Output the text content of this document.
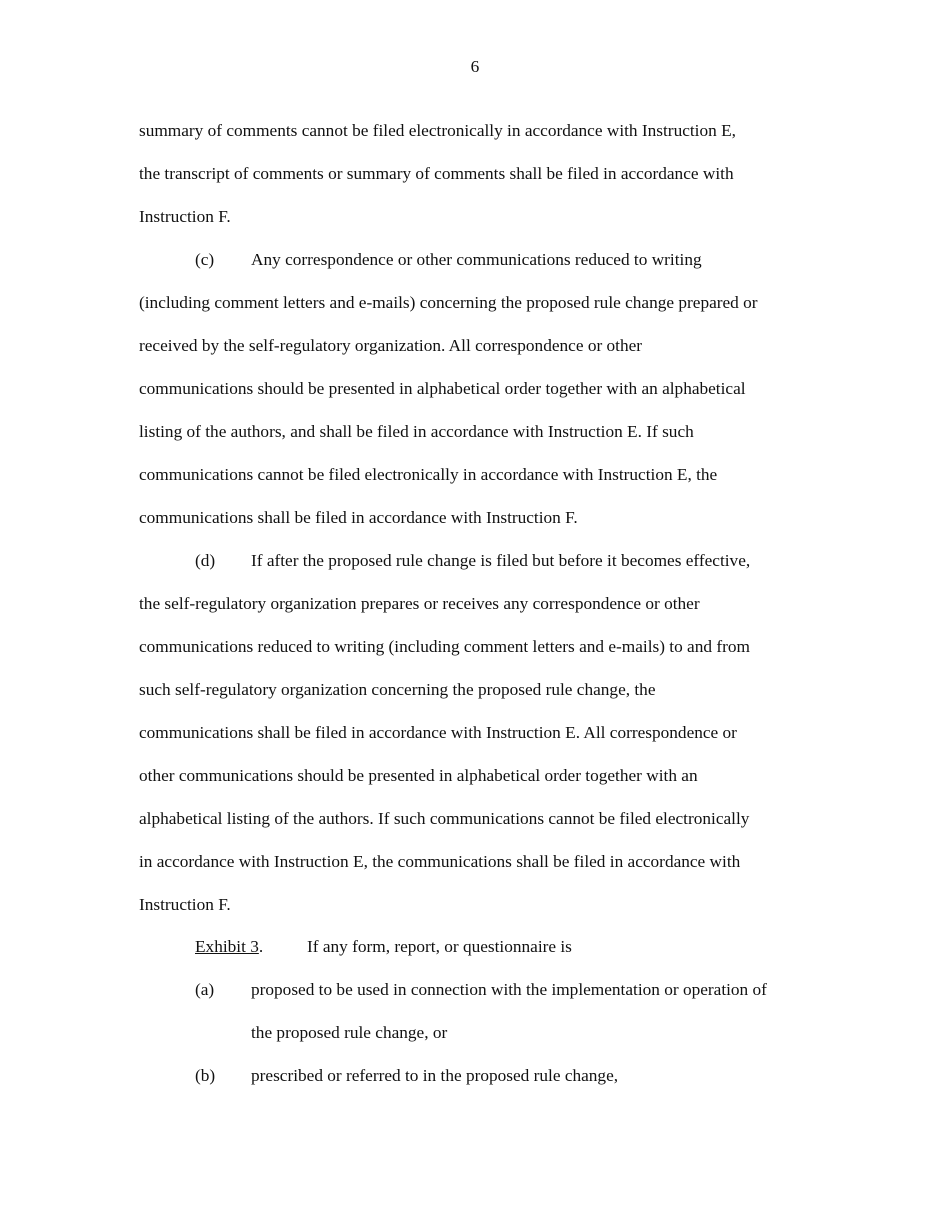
6
summary of comments cannot be filed electronically in accordance with Instruction E,
the transcript of comments or summary of comments shall be filed in accordance with
Instruction F.
(c) Any correspondence or other communications reduced to writing
(including comment letters and e-mails) concerning the proposed rule change prepared or
received by the self-regulatory organization. All correspondence or other
communications should be presented in alphabetical order together with an alphabetical
listing of the authors, and shall be filed in accordance with Instruction E. If such
communications cannot be filed electronically in accordance with Instruction E, the
communications shall be filed in accordance with Instruction F.
(d) If after the proposed rule change is filed but before it becomes effective,
the self-regulatory organization prepares or receives any correspondence or other
communications reduced to writing (including comment letters and e-mails) to and from
such self-regulatory organization concerning the proposed rule change, the
communications shall be filed in accordance with Instruction E. All correspondence or
other communications should be presented in alphabetical order together with an
alphabetical listing of the authors. If such communications cannot be filed electronically
in accordance with Instruction E, the communications shall be filed in accordance with
Instruction F.
Exhibit 3.	If any form, report, or questionnaire is
(a) proposed to be used in connection with the implementation or operation of
the proposed rule change, or
(b) prescribed or referred to in the proposed rule change,
